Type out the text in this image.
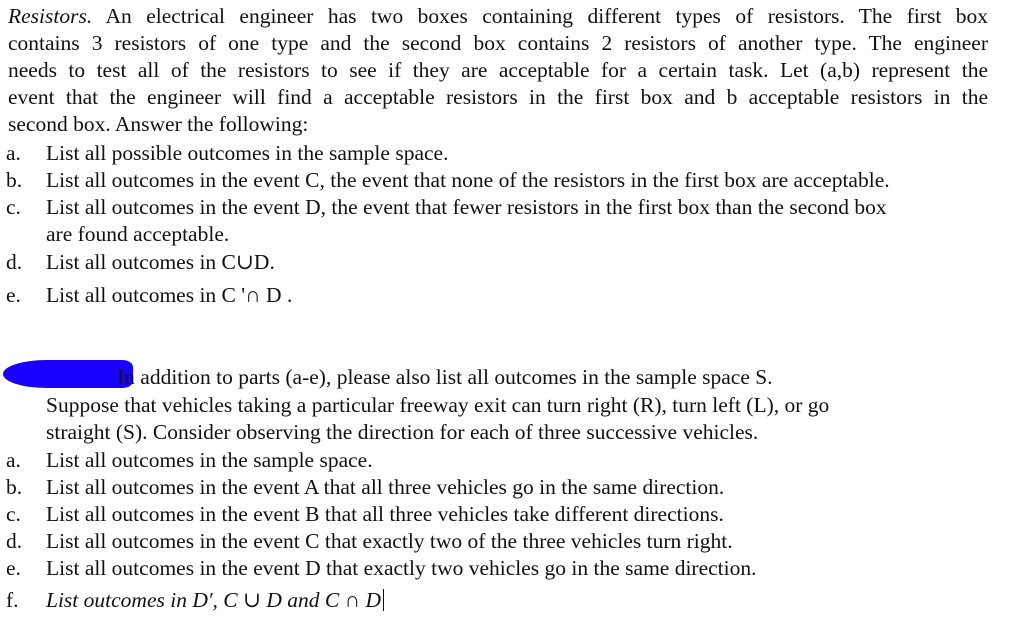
Resistors. An electrical engineer has two boxes containing different types of resistors. The first box
contains 3 resistors of one type and the second box contains 2 resistors of another type. The engineer
needs to test all of the resistors to see if they are acceptable for a certain task. Let (a,b) represent the
event that the engineer will find a acceptable resistors in the first box and b acceptable resistors in the
second box. Answer the following:
a.	List all possible outcomes in the sample space.
b.	List all outcomes in the event C, the event that none of the resistors in the first box are acceptable.
c.	List all outcomes in the event D, the event that fewer resistors in the first box than the second box
are found acceptable.
d.	List all outcomes in C∪D.
e.	List all outcomes in C '∩ D .
In addition to parts (a-e), please also list all outcomes in the sample space S.
Suppose that vehicles taking a particular freeway exit can turn right (R), turn left (L), or go
straight (S). Consider observing the direction for each of three successive vehicles.
a.	List all outcomes in the sample space.
b.	List all outcomes in the event A that all three vehicles go in the same direction.
c.	List all outcomes in the event B that all three vehicles take different directions.
d.	List all outcomes in the event C that exactly two of the three vehicles turn right.
e.	List all outcomes in the event D that exactly two vehicles go in the same direction.
f.	List outcomes in D′, C ∪ D and C ∩ D
